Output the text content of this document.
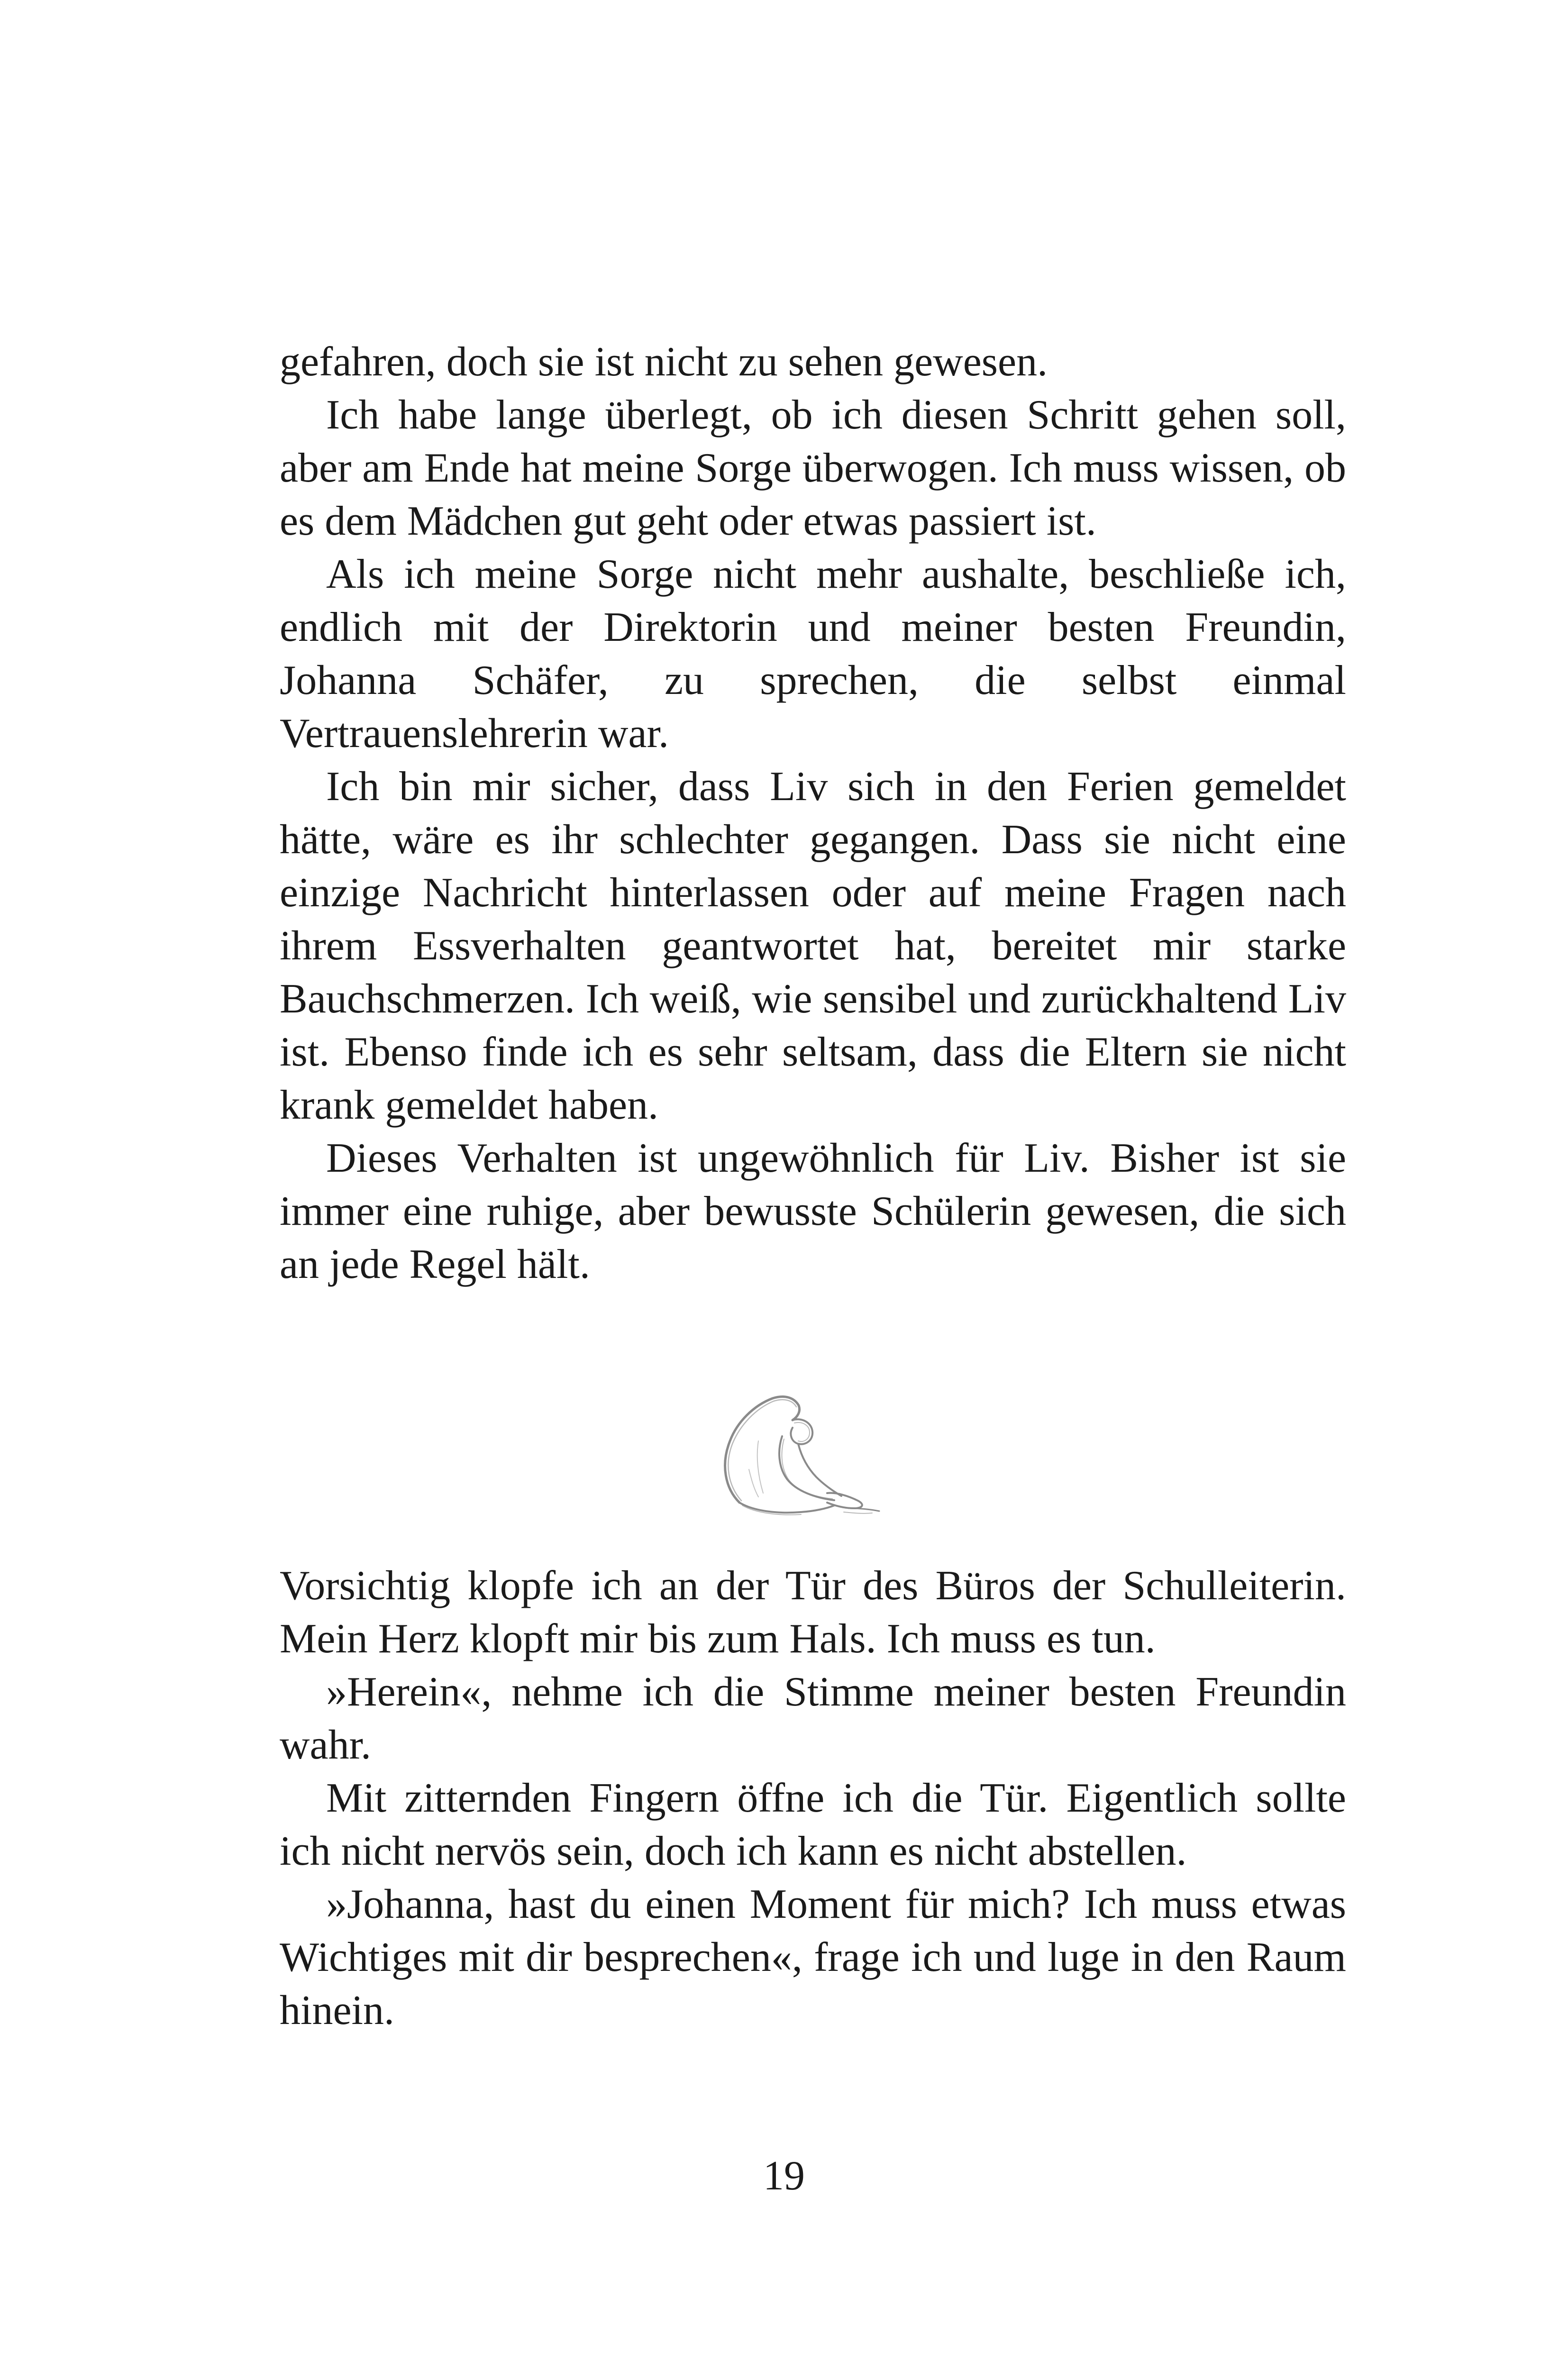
gefahren, doch sie ist nicht zu sehen gewesen.

Ich habe lange überlegt, ob ich diesen Schritt gehen soll, aber am Ende hat meine Sorge überwogen. Ich muss wissen, ob es dem Mädchen gut geht oder etwas passiert ist.

Als ich meine Sorge nicht mehr aushalte, beschließe ich, endlich mit der Direktorin und meiner besten Freundin, Johanna Schäfer, zu sprechen, die selbst einmal Vertrauenslehrerin war.

Ich bin mir sicher, dass Liv sich in den Ferien gemeldet hätte, wäre es ihr schlechter gegangen. Dass sie nicht eine einzige Nachricht hinterlassen oder auf meine Fragen nach ihrem Essverhalten geantwortet hat, bereitet mir starke Bauchschmerzen. Ich weiß, wie sensibel und zurückhaltend Liv ist. Ebenso finde ich es sehr seltsam, dass die Eltern sie nicht krank gemeldet haben.

Dieses Verhalten ist ungewöhnlich für Liv. Bisher ist sie immer eine ruhige, aber bewusste Schülerin gewesen, die sich an jede Regel hält.

Vorsichtig klopfe ich an der Tür des Büros der Schulleiterin. Mein Herz klopft mir bis zum Hals. Ich muss es tun.

»Herein«, nehme ich die Stimme meiner besten Freundin wahr.

Mit zitternden Fingern öffne ich die Tür. Eigentlich sollte ich nicht nervös sein, doch ich kann es nicht abstellen.

»Johanna, hast du einen Moment für mich? Ich muss etwas Wichtiges mit dir besprechen«, frage ich und luge in den Raum hinein.

19
